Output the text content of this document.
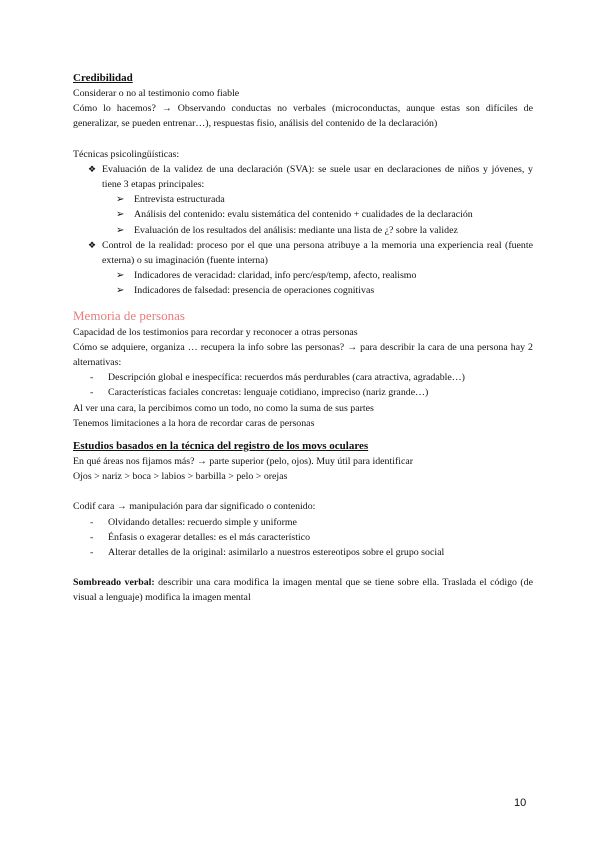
Credibilidad

Considerar o no al testimonio como fiable

Cómo lo hacemos? → Observando conductas no verbales (microconductas, aunque estas son difíciles de generalizar, se pueden entrenar…), respuestas fisio, análisis del contenido de la declaración)

Técnicas psicolingüísticas:

❖ Evaluación de la validez de una declaración (SVA): se suele usar en declaraciones de niños y jóvenes, y tiene 3 etapas principales:
➢ Entrevista estructurada
➢ Análisis del contenido: evalu sistemática del contenido + cualidades de la declaración
➢ Evaluación de los resultados del análisis: mediante una lista de ¿? sobre la validez
❖ Control de la realidad: proceso por el que una persona atribuye a la memoria una experiencia real (fuente externa) o su imaginación (fuente interna)
➢ Indicadores de veracidad: claridad, info perc/esp/temp, afecto, realismo
➢ Indicadores de falsedad: presencia de operaciones cognitivas

Memoria de personas

Capacidad de los testimonios para recordar y reconocer a otras personas

Cómo se adquiere, organiza … recupera la info sobre las personas? → para describir la cara de una persona hay 2 alternativas:

- Descripción global e inespecífica: recuerdos más perdurables (cara atractiva, agradable…)
- Características faciales concretas: lenguaje cotidiano, impreciso (nariz grande…)

Al ver una cara, la percibimos como un todo, no como la suma de sus partes

Tenemos limitaciones a la hora de recordar caras de personas

Estudios basados en la técnica del registro de los movs oculares

En qué áreas nos fijamos más? → parte superior (pelo, ojos). Muy útil para identificar

Ojos > nariz > boca > labios > barbilla > pelo > orejas

Codif cara → manipulación para dar significado o contenido:

- Olvidando detalles: recuerdo simple y uniforme
- Énfasis o exagerar detalles: es el más característico
- Alterar detalles de la original: asimilarlo a nuestros estereotipos sobre el grupo social

Sombreado verbal: describir una cara modifica la imagen mental que se tiene sobre ella. Traslada el código (de visual a lenguaje) modifica la imagen mental

10
